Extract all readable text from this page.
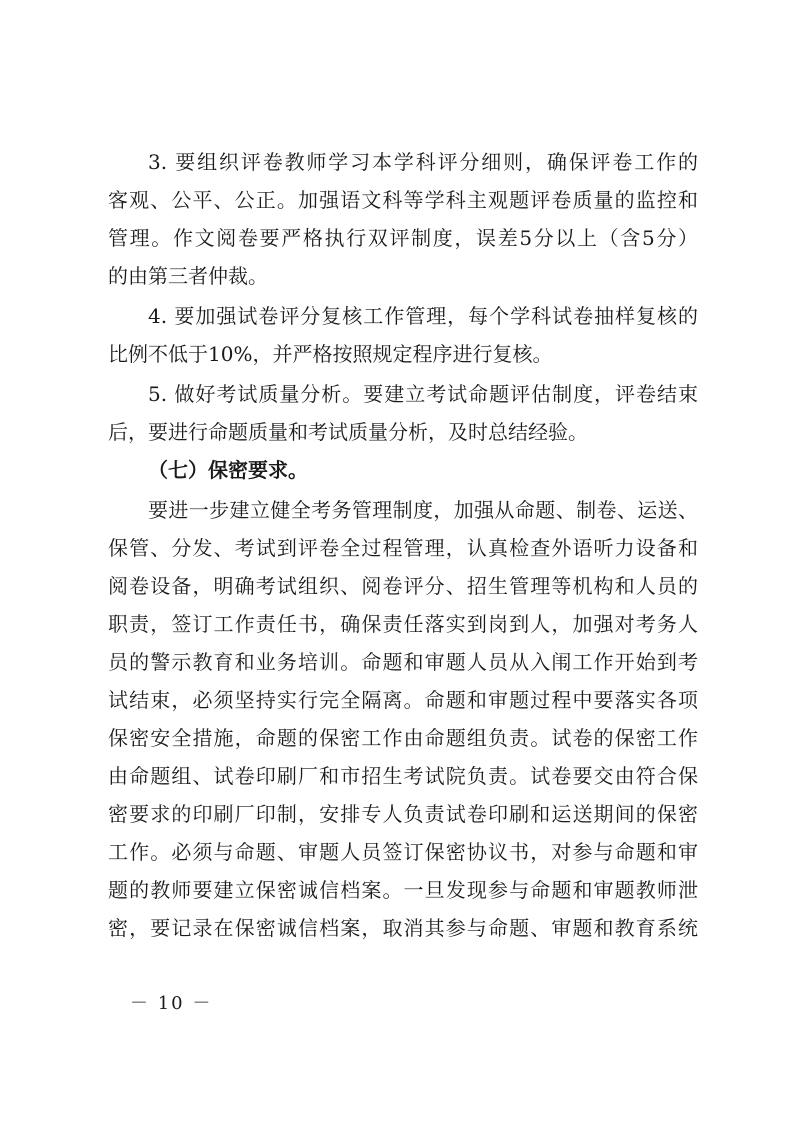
3. 要组织评卷教师学习本学科评分细则，确保评卷工作的
客观、公平、公正。加强语文科等学科主观题评卷质量的监控和
管理。作文阅卷要严格执行双评制度，误差5分以上（含5分）
的由第三者仲裁。
4. 要加强试卷评分复核工作管理，每个学科试卷抽样复核的
比例不低于10%，并严格按照规定程序进行复核。
5. 做好考试质量分析。要建立考试命题评估制度，评卷结束
后，要进行命题质量和考试质量分析，及时总结经验。
（七）保密要求。
要进一步建立健全考务管理制度，加强从命题、制卷、运送、
保管、分发、考试到评卷全过程管理，认真检查外语听力设备和
阅卷设备，明确考试组织、阅卷评分、招生管理等机构和人员的
职责，签订工作责任书，确保责任落实到岗到人，加强对考务人
员的警示教育和业务培训。命题和审题人员从入闱工作开始到考
试结束，必须坚持实行完全隔离。命题和审题过程中要落实各项
保密安全措施，命题的保密工作由命题组负责。试卷的保密工作
由命题组、试卷印刷厂和市招生考试院负责。试卷要交由符合保
密要求的印刷厂印制，安排专人负责试卷印刷和运送期间的保密
工作。必须与命题、审题人员签订保密协议书，对参与命题和审
题的教师要建立保密诚信档案。一旦发现参与命题和审题教师泄
密，要记录在保密诚信档案，取消其参与命题、审题和教育系统
－ 10 －
